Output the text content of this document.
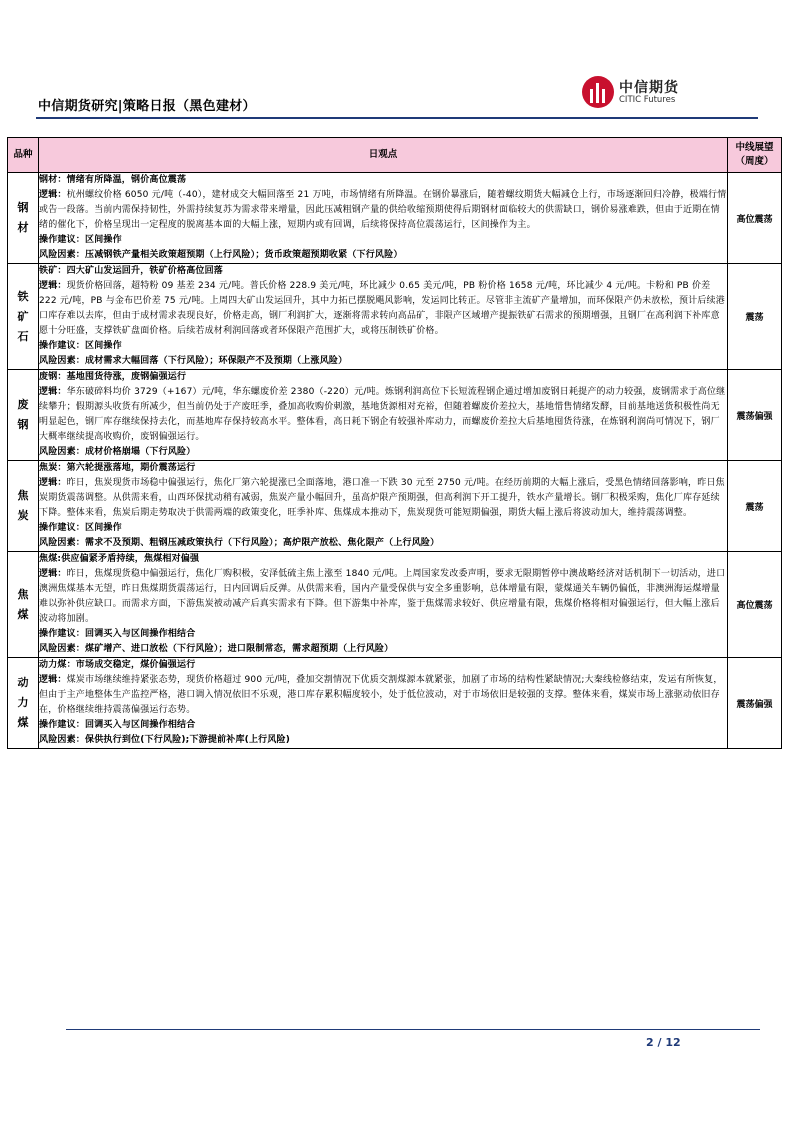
中信期货研究|策略日报（黑色建材）
中信期货
CITIC Futures
品种	日观点	中线展望（周度）

钢材	钢材：情绪有所降温，钢价高位震荡
逻辑：杭州螺纹价格 6050 元/吨（-40），建材成交大幅回落至 21 万吨，市场情绪有所降温。在钢价暴涨后，随着螺纹期货大幅减仓上行，市场逐渐回归冷静，极端行情或告一段落。当前内需保持韧性，外需持续复苏为需求带来增量，因此压减粗钢产量的供给收缩预期使得后期钢材面临较大的供需缺口，钢价易涨难跌，但由于近期在情绪的催化下，价格呈现出一定程度的脱离基本面的大幅上涨，短期内或有回调，后续将保持高位震荡运行，区间操作为主。
操作建议：区间操作
风险因素：压减钢铁产量相关政策超预期（上行风险）；货币政策超预期收紧（下行风险）	高位震荡

铁矿石	铁矿：四大矿山发运回升，铁矿价格高位回落
逻辑：现货价格回落，超特粉 09 基差 234 元/吨。普氏价格 228.9 美元/吨，环比减少 0.65 美元/吨，PB 粉价格 1658 元/吨，环比减少 4 元/吨。卡粉和 PB 价差 222 元/吨，PB 与金布巴价差 75 元/吨。上周四大矿山发运回升，其中力拓已摆脱飓风影响，发运同比转正。尽管非主流矿产量增加，而环保限产仍未放松，预计后续港口库存难以去库，但由于成材需求表现良好，价格走高，钢厂利润扩大，逐渐将需求转向高品矿，非限产区域增产提振铁矿石需求的预期增强，且钢厂在高利润下补库意愿十分旺盛，支撑铁矿盘面价格。后续若成材利润回落或者环保限产范围扩大，或将压制铁矿价格。
操作建议：区间操作
风险因素：成材需求大幅回落（下行风险）；环保限产不及预期（上涨风险）	震荡

废钢	废钢：基地囤货待涨，废钢偏强运行
逻辑：华东破碎料均价 3729（+167）元/吨，华东螺废价差 2380（-220）元/吨。炼钢利润高位下长短流程钢企通过增加废钢日耗提产的动力较强，废钢需求于高位继续攀升；假期源头收货有所减少，但当前仍处于产废旺季，叠加高收购价刺激，基地货源相对充裕，但随着螺废价差拉大，基地惜售情绪发酵，目前基地送货积极性尚无明显起色，钢厂库存继续保持去化，而基地库存保持较高水平。整体看，高日耗下钢企有较强补库动力，而螺废价差拉大后基地囤货待涨，在炼钢利润尚可情况下，钢厂大概率继续提高收购价，废钢偏强运行。
风险因素：成材价格崩塌（下行风险）	震荡偏强

焦炭	焦炭：第六轮提涨落地，期价震荡运行
逻辑：昨日，焦炭现货市场稳中偏强运行，焦化厂第六轮提涨已全面落地，港口准一下跌 30 元至 2750 元/吨。在经历前期的大幅上涨后，受黑色情绪回落影响，昨日焦炭期货震荡调整。从供需来看，山西环保扰动稍有减弱，焦炭产量小幅回升，虽高炉限产预期强，但高利润下开工提升，铁水产量增长。钢厂积极采购，焦化厂库存延续下降。整体来看，焦炭后期走势取决于供需两端的政策变化，旺季补库、焦煤成本推动下，焦炭现货可能短期偏强，期货大幅上涨后将波动加大，维持震荡调整。
操作建议：区间操作
风险因素：需求不及预期、粗钢压减政策执行（下行风险）；高炉限产放松、焦化限产（上行风险）	震荡

焦煤	焦煤:供应偏紧矛盾持续，焦煤相对偏强
逻辑：昨日，焦煤现货稳中偏强运行，焦化厂购积极，安泽低硫主焦上涨至 1840 元/吨。上周国家发改委声明，要求无限期暂停中澳战略经济对话机制下一切活动，进口澳洲焦煤基本无望，昨日焦煤期货震荡运行，日内回调后反弹。从供需来看，国内产量受保供与安全多重影响，总体增量有限，蒙煤通关车辆仍偏低，非澳洲海运煤增量难以弥补供应缺口。而需求方面，下游焦炭被动减产后真实需求有下降。但下游集中补库，鉴于焦煤需求较好、供应增量有限，焦煤价格将相对偏强运行，但大幅上涨后波动将加剧。
操作建议：回调买入与区间操作相结合
风险因素：煤矿增产、进口放松（下行风险）；进口限制常态，需求超预期（上行风险）	高位震荡

动力煤	动力煤：市场成交稳定，煤价偏强运行
逻辑：煤炭市场继续维持紧张态势，现货价格超过 900 元/吨，叠加交割情况下优质交割煤源本就紧张，加剧了市场的结构性紧缺情况;大秦线检修结束，发运有所恢复，但由于主产地整体生产监控严格，港口调入情况依旧不乐观，港口库存累积幅度较小，处于低位波动，对于市场依旧是较强的支撑。整体来看，煤炭市场上涨驱动依旧存在，价格继续维持震荡偏强运行态势。
操作建议：回调买入与区间操作相结合
风险因素：保供执行到位(下行风险);下游提前补库(上行风险)	震荡偏强
2 / 12
